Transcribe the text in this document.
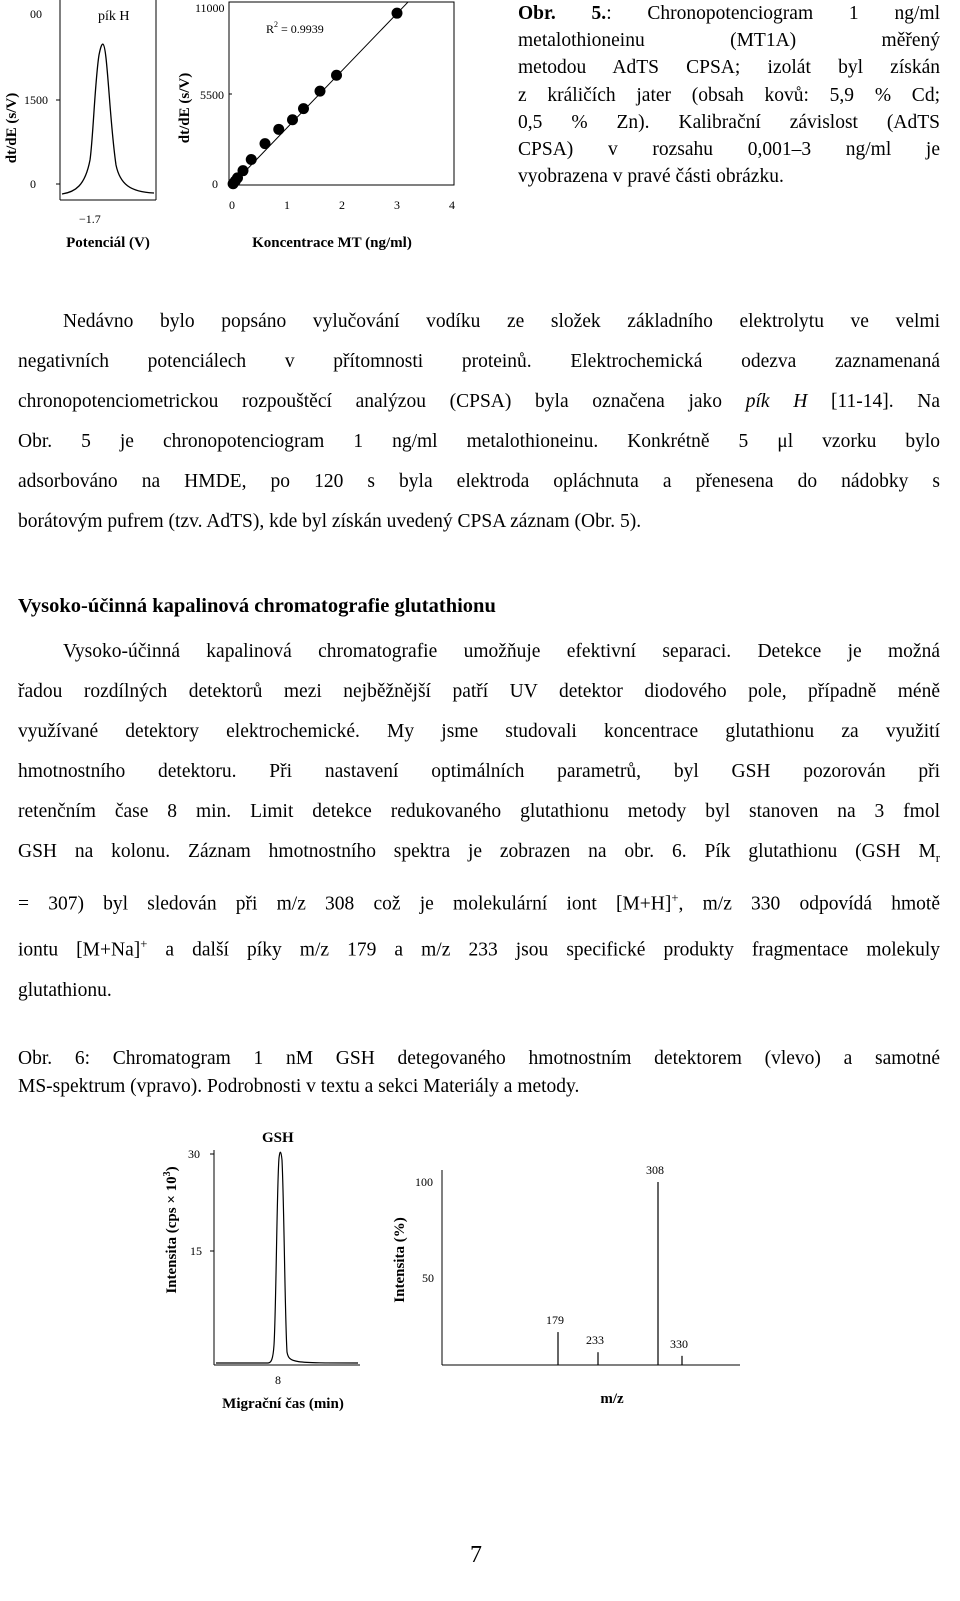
dt/dE (s/V)
00
1500
0
pík H
−1.7
Potenciál (V)
dt/dE (s/V)
11000
5500
0
$R^2 = 0.9939$
0	1	2	3	4
Koncentrace MT (ng/ml)
Obr. 5.: Chronopotenciogram 1 ng/ml
metalothioneinu (MT1A) měřený
metodou AdTS CPSA; izolát byl získán
z králičích jater (obsah kovů: 5,9 % Cd;
0,5 % Zn). Kalibrační závislost (AdTS
CPSA) v rozsahu 0,001–3 ng/ml je
vyobrazena v pravé části obrázku.
Nedávno bylo popsáno vylučování vodíku ze složek základního elektrolytu ve velmi
negativních potenciálech v přítomnosti proteinů. Elektrochemická odezva zaznamenaná
chronopotenciometrickou rozpouštěcí analýzou (CPSA) byla označena jako pík H [11-14]. Na
Obr. 5 je chronopotenciogram 1 ng/ml metalothioneinu. Konkrétně 5 μl vzorku bylo
adsorbováno na HMDE, po 120 s byla elektroda opláchnuta a přenesena do nádobky s
borátovým pufrem (tzv. AdTS), kde byl získán uvedený CPSA záznam (Obr. 5).
Vysoko-účinná kapalinová chromatografie glutathionu
Vysoko-účinná kapalinová chromatografie umožňuje efektivní separaci. Detekce je možná
řadou rozdílných detektorů mezi nejběžnější patří UV detektor diodového pole, případně méně
využívané detektory elektrochemické. My jsme studovali koncentrace glutathionu za využití
hmotnostního detektoru. Při nastavení optimálních parametrů, byl GSH pozorován při
retenčním čase 8 min. Limit detekce redukovaného glutathionu metody byl stanoven na 3 fmol
GSH na kolonu. Záznam hmotnostního spektra je zobrazen na obr. 6. Pík glutathionu (GSH $M_r$
= 307) byl sledován při m/z 308 což je molekulární iont [M+H]+, m/z 330 odpovídá hmotě
iontu [M+Na]+ a další píky m/z 179 a m/z 233 jsou specifické produkty fragmentace molekuly
glutathionu.
Obr. 6: Chromatogram 1 nM GSH detegovaného hmotnostním detektorem (vlevo) a samotné
MS-spektrum (vpravo). Podrobnosti v textu a sekci Materiály a metody.
Intensita $(cps \times 10^3)$
30
15
GSH
8
Migrační čas (min)
Intensita (%)
100
50
308
179
233	330
m/z
7
